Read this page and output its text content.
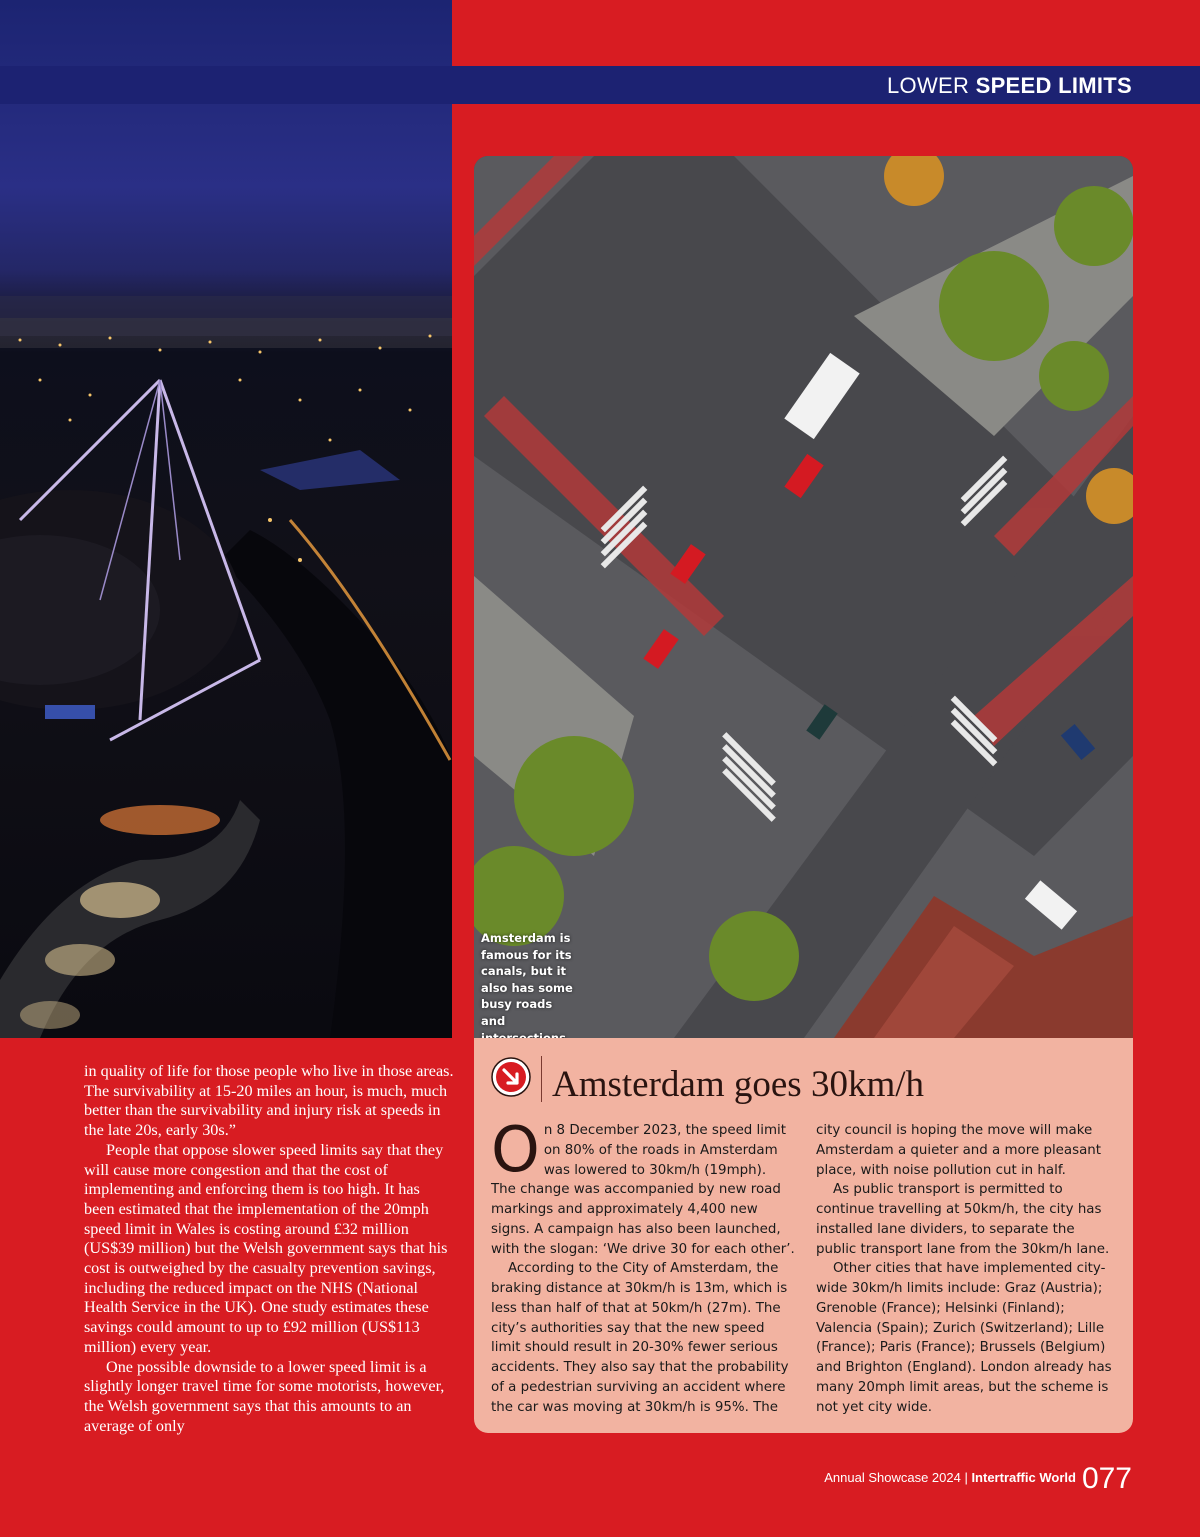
LOWER SPEED LIMITS
Amsterdam is famous for its canals, but it also has some busy roads and

in quality of life for those people who live in those areas. The survivability at 15-20 miles an hour, is much, much better than the survivability and injury risk at speeds in the late 20s, early 30s.”

People that oppose slower speed limits say that they will cause more congestion and that the cost of implementing and enforcing them is too high. It has been estimated that the implementation of the 20mph speed limit in Wales is costing around £32 million (US$39 million) but the Welsh government says that his cost is outweighed by the casualty prevention savings, including the reduced impact on the NHS (National Health Service in the UK). One study estimates these savings could amount to up to £92 million (US$113 million) every year.

One possible downside to a lower speed limit is a slightly longer travel time for some motorists, however, the Welsh government says that this amounts to an average of only

Amsterdam goes 30km/h

On 8 December 2023, the speed limit on 80% of the roads in Amsterdam was lowered to 30km/h (19mph). The change was accompanied by new road markings and approximately 4,400 new signs. A campaign has also been launched, with the slogan: ‘We drive 30 for each other’.

According to the City of Amsterdam, the braking distance at 30km/h is 13m, which is less than half of that at 50km/h (27m). The city’s authorities say that the new speed limit should result in 20-30% fewer serious accidents. They also say that the probability of a pedestrian surviving an accident where the car was moving at 30km/h is 95%. The

city council is hoping the move will make Amsterdam a quieter and a more pleasant place, with noise pollution cut in half.

As public transport is permitted to continue travelling at 50km/h, the city has installed lane dividers, to separate the public transport lane from the 30km/h lane.

Other cities that have implemented city-wide 30km/h limits include: Graz (Austria); Grenoble (France); Helsinki (Finland); Valencia (Spain); Zurich (Switzerland); Lille (France); Paris (France); Brussels (Belgium) and Brighton (England). London already has many 20mph limit areas, but the scheme is not yet city wide.

$^{Annual Showcase 2024 |}$ $^{Intertraffic World}$ 077
